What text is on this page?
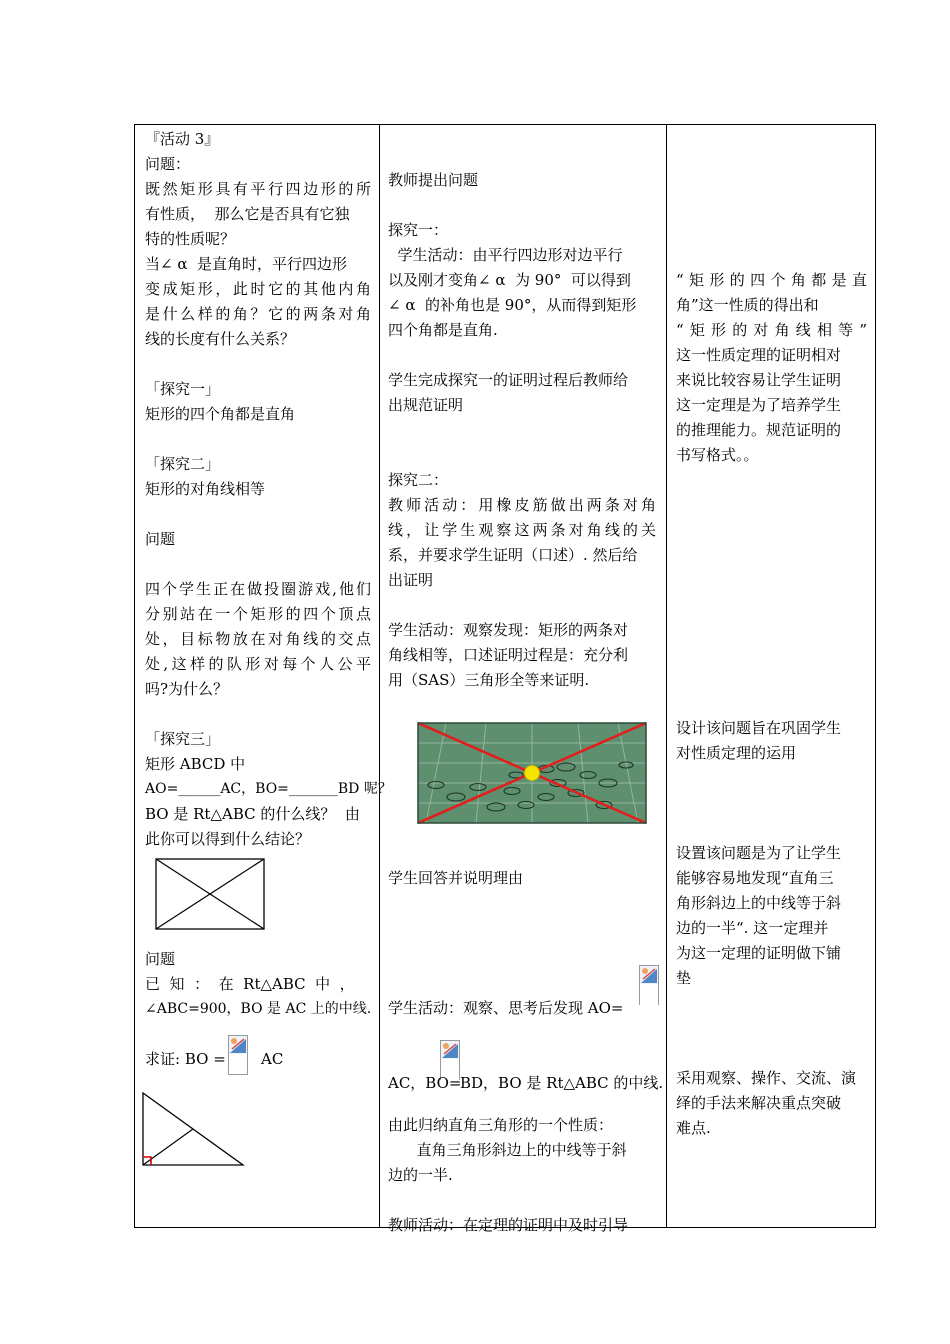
『活动 3』
问题：
既然矩形具有平行四边形的所
有性质，  那么它是否具有它独
特的性质呢？
当∠ α  是直角时，平行四边形
变成矩形，此时它的其他内角
是什么样的角？它的两条对角
线的长度有什么关系？
「探究一」
矩形的四个角都是直角
「探究二」
矩形的对角线相等
问题
四个学生正在做投圈游戏,他们
分别站在一个矩形的四个顶点
处，目标物放在对角线的交点
处,这样的队形对每个人公平
吗?为什么？
「探究三」
矩形 ABCD 中
AO=______AC，BO=_______BD 呢？
BO 是 Rt△ABC 的什么线？  由
此你可以得到什么结论？
问题
已  知  ：  在  Rt△ABC  中  ，
∠ABC=900，BO 是 AC 上的中线.
求证: BO = AC
教师提出问题
探究一：
学生活动：由平行四边形对边平行
以及刚才变角∠ α  为 90°  可以得到
∠ α  的补角也是 90°，从而得到矩形
四个角都是直角.
学生完成探究一的证明过程后教师给
出规范证明
探究二：
教师活动：用橡皮筋做出两条对角
线，让学生观察这两条对角线的关
系，并要求学生证明（口述）. 然后给
出证明
学生活动：观察发现：矩形的两条对
角线相等，口述证明过程是：充分利
用（SAS）三角形全等来证明.
学生回答并说明理由
学生活动：观察、思考后发现 AO=
AC，BO=
BD，BO 是 Rt△ABC 的中线.
由此归纳直角三角形的一个性质：
直角三角形斜边上的中线等于斜
边的一半.
教师活动：在定理的证明中及时引导
“矩形的四个角都是直
角”这一性质的得出和
“矩形的对角线相等”
这一性质定理的证明相对
来说比较容易让学生证明
这一定理是为了培养学生
的推理能力。规范证明的
书写格式。。
设计该问题旨在巩固学生
对性质定理的运用
设置该问题是为了让学生
能够容易地发现“直角三
角形斜边上的中线等于斜
边的一半“. 这一定理并
为这一定理的证明做下铺
垫
采用观察、操作、交流、演
绎的手法来解决重点突破
难点.
